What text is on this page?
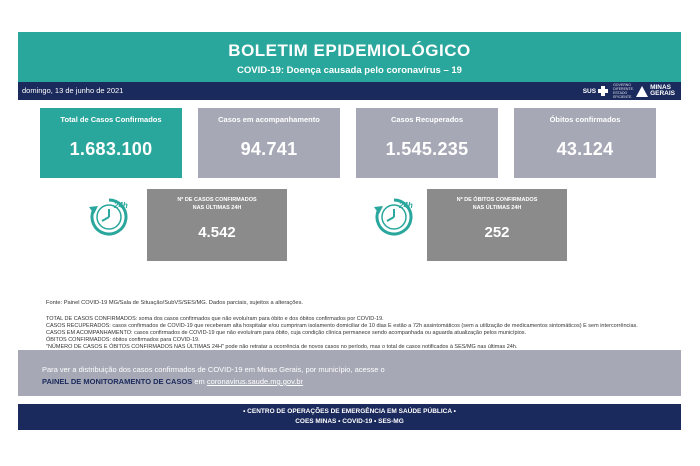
BOLETIM EPIDEMIOLÓGICO
COVID-19: Doença causada pelo coronavírus – 19
domingo, 13 de junho de 2021	SUS
GOVERNO DIFERENTE. ESTADO EFICIENTE.
MINAS
GERAIS
Total de Casos Confirmados
1.683.100
Casos em acompanhamento
94.741
Casos Recuperados
1.545.235
Óbitos confirmados
43.124
24h
Nº DE CASOS CONFIRMADOS
NAS ÚLTIMAS 24H
4.542
24h
Nº DE ÓBITOS CONFIRMADOS
NAS ÚLTIMAS 24H
252
Fonte: Painel COVID-19 MG/Sala de Situação/SubVS/SES/MG. Dados parciais, sujeitos a alterações.
TOTAL DE CASOS CONFIRMADOS: soma dos casos confirmados que não evoluíram para óbito e dos óbitos confirmados por COVID-19.
CASOS RECUPERADOS: casos confirmados de COVID-19 que receberam alta hospitalar e/ou cumpriram isolamento domiciliar de 10 dias E estão a 72h assintomáticos (sem a utilização de medicamentos sintomáticos) E sem intercorrências.
CASOS EM ACOMPANHAMENTO: casos confirmados de COVID-19 que não evoluíram para óbito, cuja condição clínica permanece sendo acompanhada ou aguarda atualização pelos municípios.
ÓBITOS CONFIRMADOS: óbitos confirmados para COVID-19.
"NÚMERO DE CASOS E ÓBITOS CONFIRMADOS NAS ÚLTIMAS 24H" pode não retratar a ocorrência de novos casos no período, mas o total de casos notificados à SES/MG nas últimas 24h.
Para ver a distribuição dos casos confirmados de COVID-19 em Minas Gerais, por município, acesse o
PAINEL DE MONITORAMENTO DE CASOS em coronavirus.saude.mg.gov.br
• CENTRO DE OPERAÇÕES DE EMERGÊNCIA EM SAÚDE PÚBLICA •
COES MINAS • COVID-19 • SES-MG
